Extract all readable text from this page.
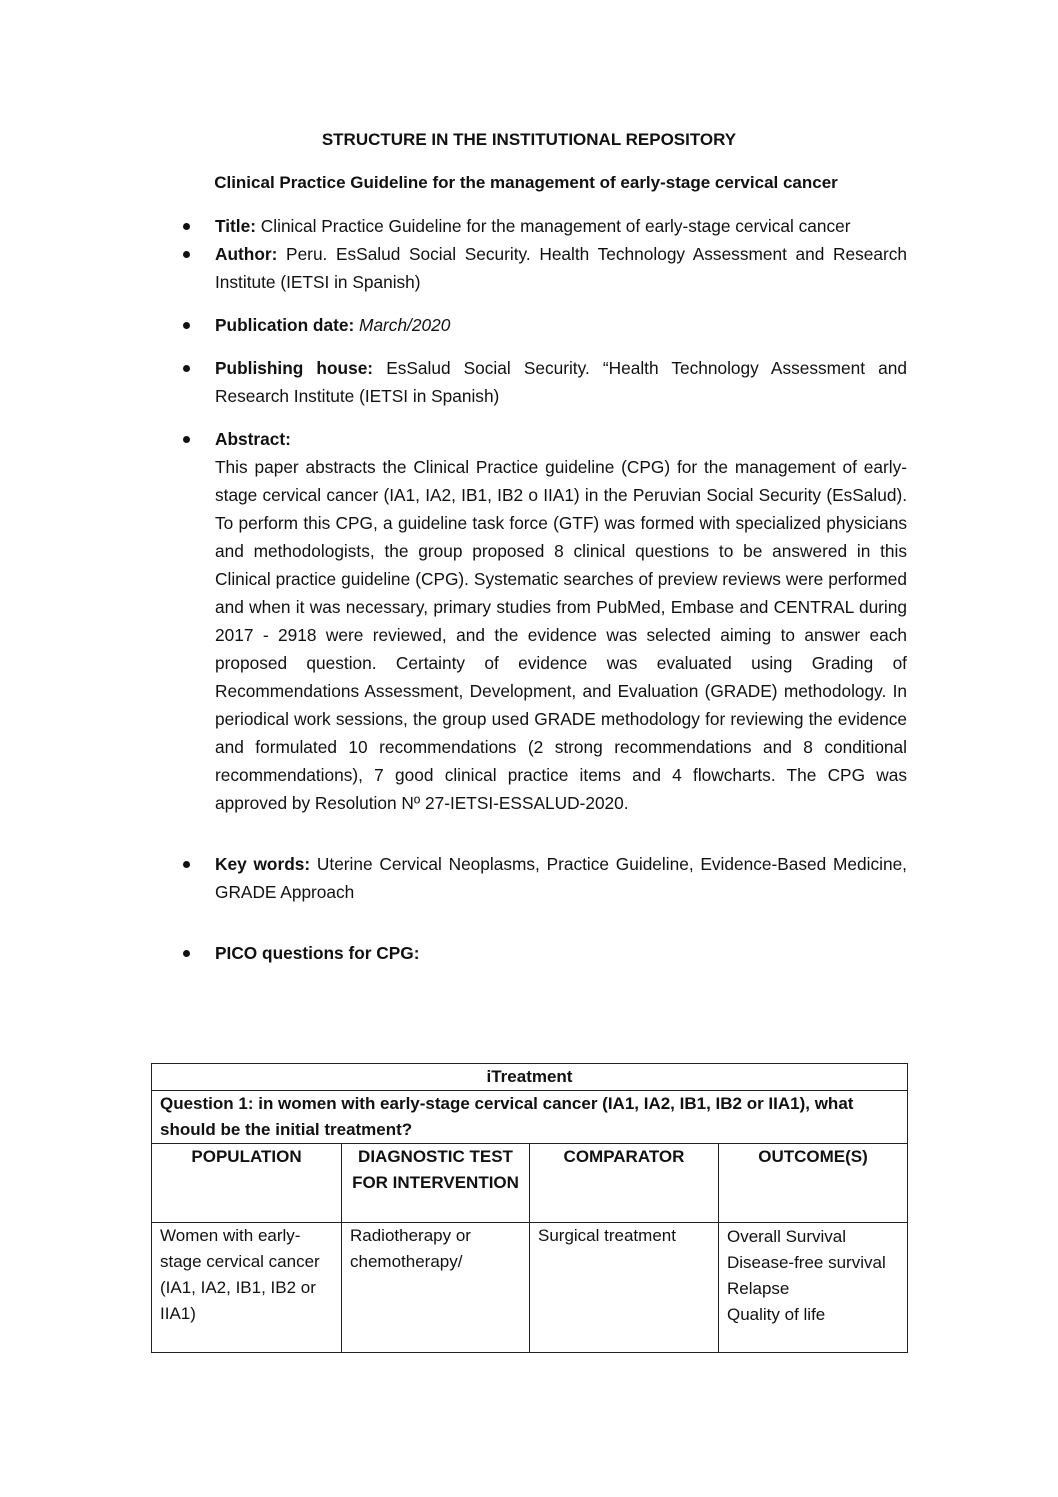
STRUCTURE IN THE INSTITUTIONAL REPOSITORY
Clinical Practice Guideline for the management of early-stage cervical cancer
Title: Clinical Practice Guideline for the management of early-stage cervical cancer
Author: Peru. EsSalud Social Security. Health Technology Assessment and Research Institute (IETSI in Spanish)
Publication date: March/2020
Publishing house: EsSalud Social Security. “Health Technology Assessment and Research Institute (IETSI in Spanish)
Abstract:
This paper abstracts the Clinical Practice guideline (CPG) for the management of early-stage cervical cancer (IA1, IA2, IB1, IB2 o IIA1) in the Peruvian Social Security (EsSalud). To perform this CPG, a guideline task force (GTF) was formed with specialized physicians and methodologists, the group proposed 8 clinical questions to be answered in this Clinical practice guideline (CPG). Systematic searches of preview reviews were performed and when it was necessary, primary studies from PubMed, Embase and CENTRAL during 2017 - 2918 were reviewed, and the evidence was selected aiming to answer each proposed question. Certainty of evidence was evaluated using Grading of Recommendations Assessment, Development, and Evaluation (GRADE) methodology. In periodical work sessions, the group used GRADE methodology for reviewing the evidence and formulated 10 recommendations (2 strong recommendations and 8 conditional recommendations), 7 good clinical practice items and 4 flowcharts. The CPG was approved by Resolution Nº 27-IETSI-ESSALUD-2020.
Key words: Uterine Cervical Neoplasms, Practice Guideline, Evidence-Based Medicine, GRADE Approach
PICO questions for CPG:
iTreatment			
Question 1: in women with early-stage cervical cancer (IA1, IA2, IB1, IB2 or IIA1), what should be the initial treatment?			
POPULATION	DIAGNOSTIC TEST FOR INTERVENTION	COMPARATOR	OUTCOME(S)
Women with early-stage cervical cancer (IA1, IA2, IB1, IB2 or IIA1)	Radiotherapy or chemotherapy/	Surgical treatment	Overall Survival
Disease-free survival
Relapse
Quality of life
